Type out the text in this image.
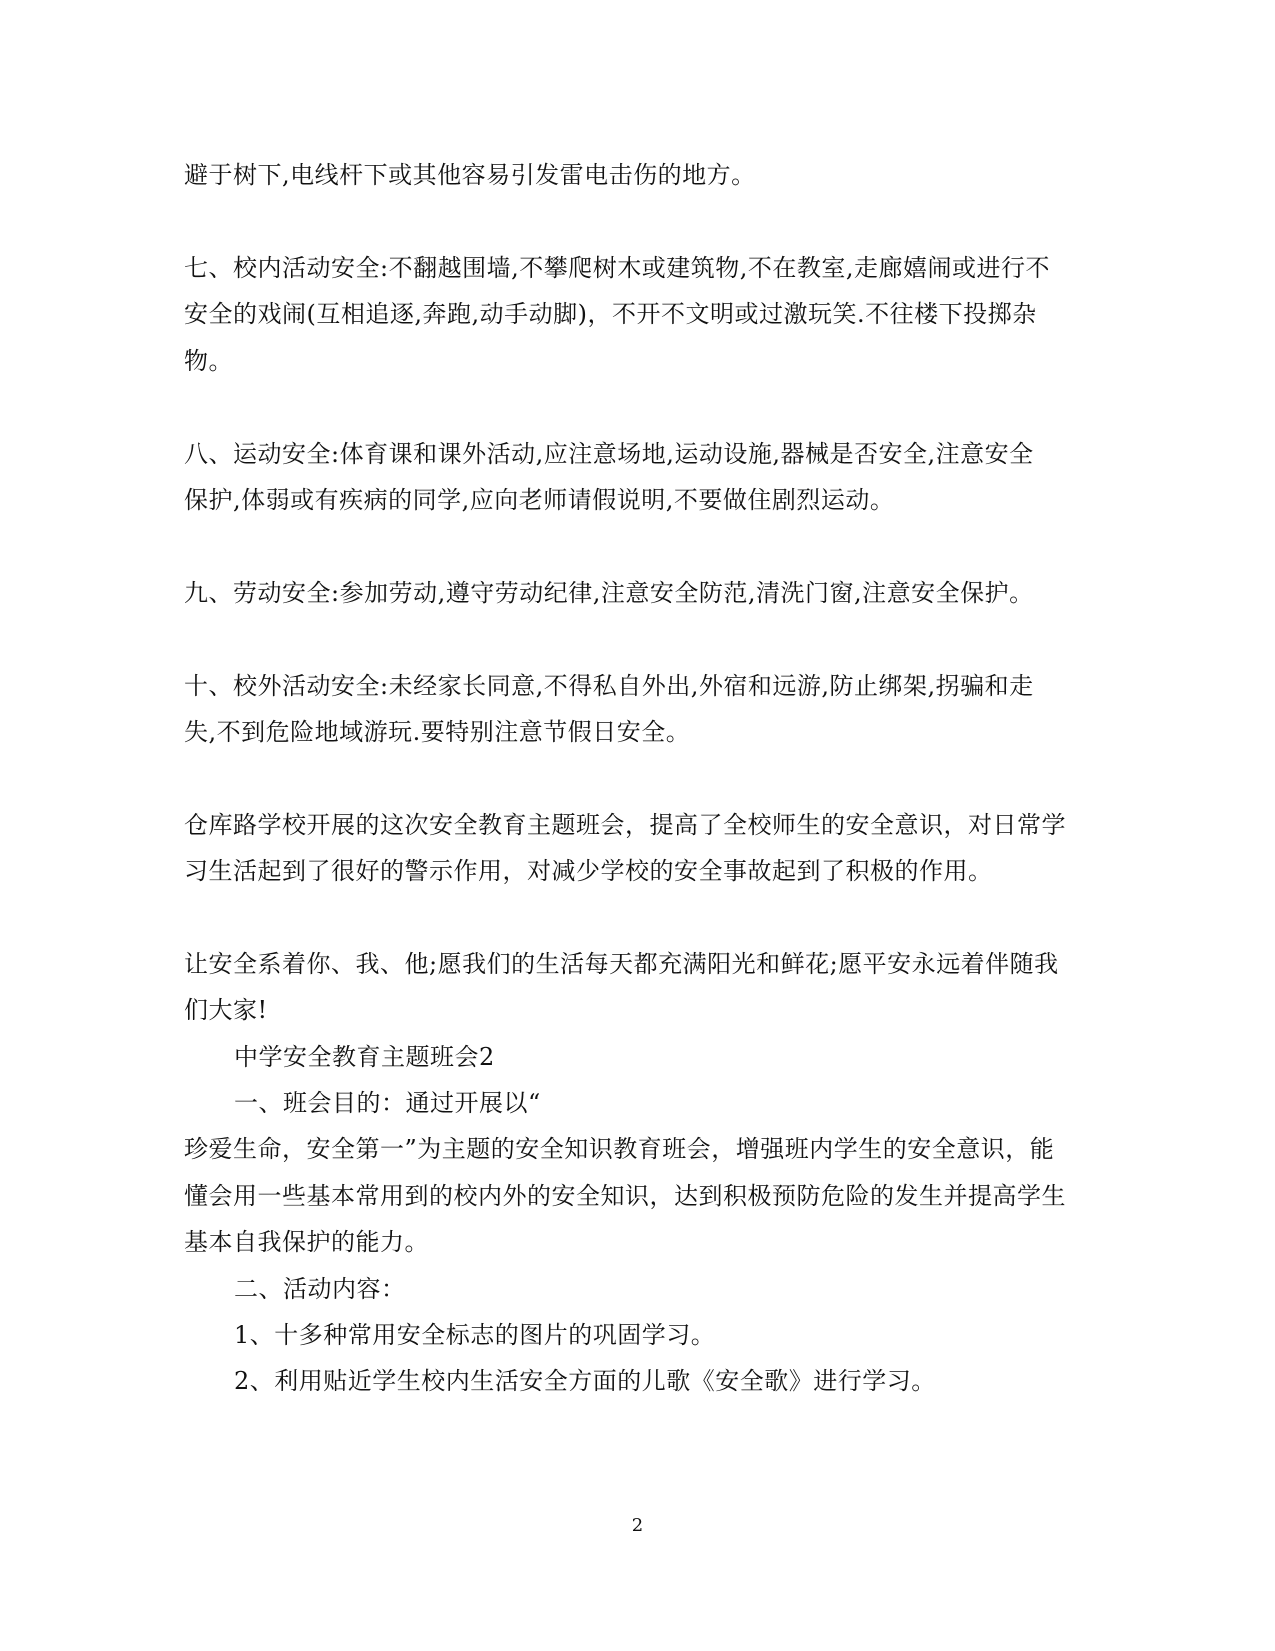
避于树下,电线杆下或其他容易引发雷电击伤的地方。
七、校内活动安全:不翻越围墙,不攀爬树木或建筑物,不在教室,走廊嬉闹或进行不
安全的戏闹(互相追逐,奔跑,动手动脚)，不开不文明或过激玩笑.不往楼下投掷杂
物。
八、运动安全:体育课和课外活动,应注意场地,运动设施,器械是否安全,注意安全
保护,体弱或有疾病的同学,应向老师请假说明,不要做住剧烈运动。
九、劳动安全:参加劳动,遵守劳动纪律,注意安全防范,清洗门窗,注意安全保护。
十、校外活动安全:未经家长同意,不得私自外出,外宿和远游,防止绑架,拐骗和走
失,不到危险地域游玩.要特别注意节假日安全。
仓库路学校开展的这次安全教育主题班会，提高了全校师生的安全意识，对日常学
习生活起到了很好的警示作用，对减少学校的安全事故起到了积极的作用。
让安全系着你、我、他;愿我们的生活每天都充满阳光和鲜花;愿平安永远着伴随我
们大家!
中学安全教育主题班会2
一、班会目的：通过开展以“
珍爱生命，安全第一”为主题的安全知识教育班会，增强班内学生的安全意识，能
懂会用一些基本常用到的校内外的安全知识，达到积极预防危险的发生并提高学生
基本自我保护的能力。
二、活动内容：
1、十多种常用安全标志的图片的巩固学习。
2、利用贴近学生校内生活安全方面的儿歌《安全歌》进行学习。
2
